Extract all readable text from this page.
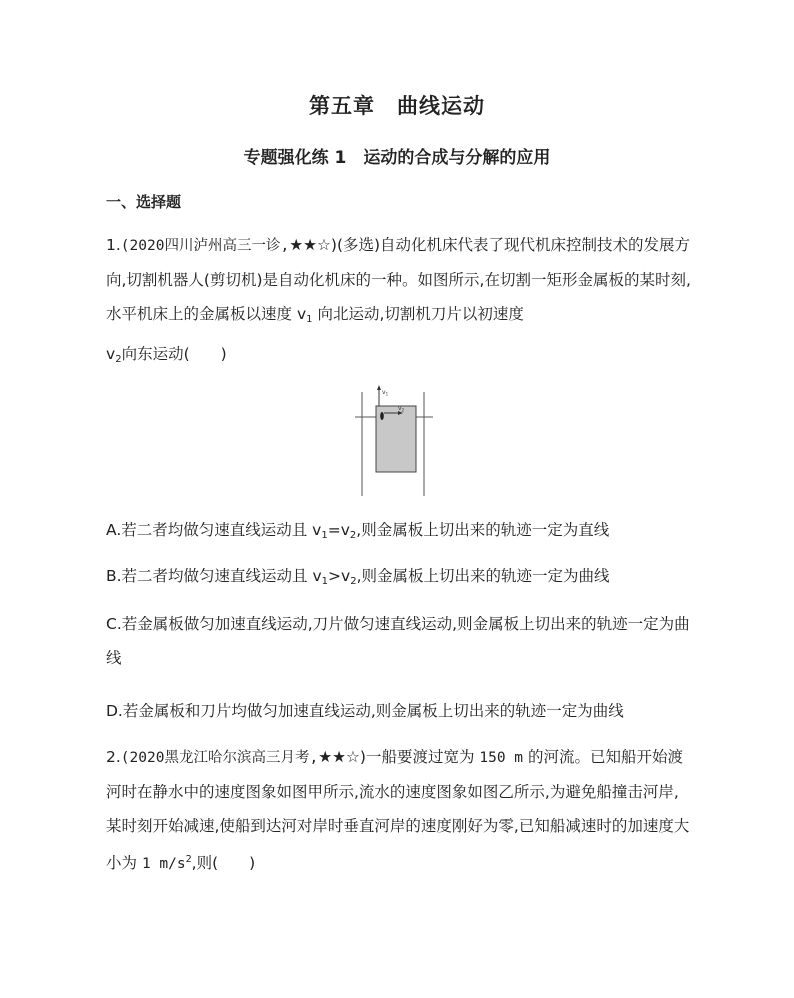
第五章　曲线运动
专题强化练 1　运动的合成与分解的应用
一、选择题
1.(2020四川泸州高三一诊,★★☆)(多选)自动化机床代表了现代机床控制技术的发展方向,切割机器人(剪切机)是自动化机床的一种。如图所示,在切割一矩形金属板的某时刻,水平机床上的金属板以速度 $v_1$ 向北运动,切割机刀片以初速度
$v_2$向东运动(　　)
$v_1$
$v_2$
A.若二者均做匀速直线运动且 $v_1=v_2$,则金属板上切出来的轨迹一定为直线
B.若二者均做匀速直线运动且 $v_1>v_2$,则金属板上切出来的轨迹一定为曲线
C.若金属板做匀加速直线运动,刀片做匀速直线运动,则金属板上切出来的轨迹一定为曲线
D.若金属板和刀片均做匀加速直线运动,则金属板上切出来的轨迹一定为曲线
2.(2020黑龙江哈尔滨高三月考,★★☆)一船要渡过宽为 150 m 的河流。已知船开始渡河时在静水中的速度图象如图甲所示,流水的速度图象如图乙所示,为避免船撞击河岸,某时刻开始减速,使船到达河对岸时垂直河岸的速度刚好为零,已知船减速时的加速度大小为 1 $m/s^2$,则(　　)
